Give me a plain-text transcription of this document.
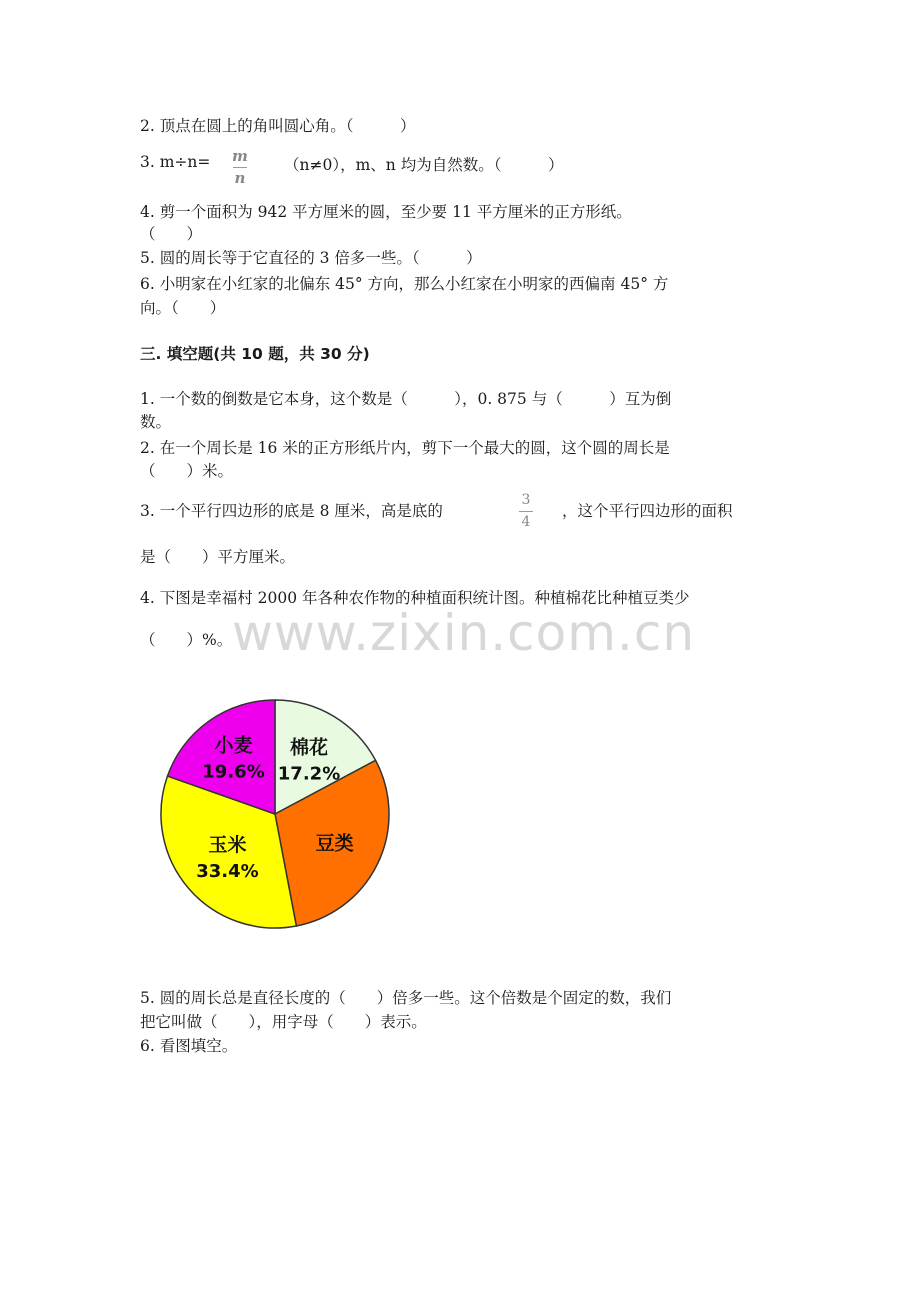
2. 顶点在圆上的角叫圆心角。（　　　）
3. m÷n= m
n
（n≠0），m、n 均为自然数。（　　　）
4. 剪一个面积为 942 平方厘米的圆，至少要 11 平方厘米的正方形纸。
（　　）
5. 圆的周长等于它直径的 3 倍多一些。（　　　）
6. 小明家在小红家的北偏东 45° 方向，那么小红家在小明家的西偏南 45° 方
向。（　　）
三. 填空题(共 10 题，共 30 分)
1. 一个数的倒数是它本身，这个数是（　　　），0. 875 与（　　　）互为倒
数。
2. 在一个周长是 16 米的正方形纸片内，剪下一个最大的圆，这个圆的周长是
（　　）米。
3. 一个平行四边形的底是 8 厘米，高是底的
3
4
，这个平行四边形的面积
是（　　）平方厘米。
4. 下图是幸福村 2000 年各种农作物的种植面积统计图。种植棉花比种植豆类少
（　　）%。 www.zixin.com.cn
棉花
17.2%
豆类
玉米
33.4%
小麦
19.6%
5. 圆的周长总是直径长度的（　　）倍多一些。这个倍数是个固定的数，我们
把它叫做（　　），用字母（　　）表示。
6. 看图填空。
